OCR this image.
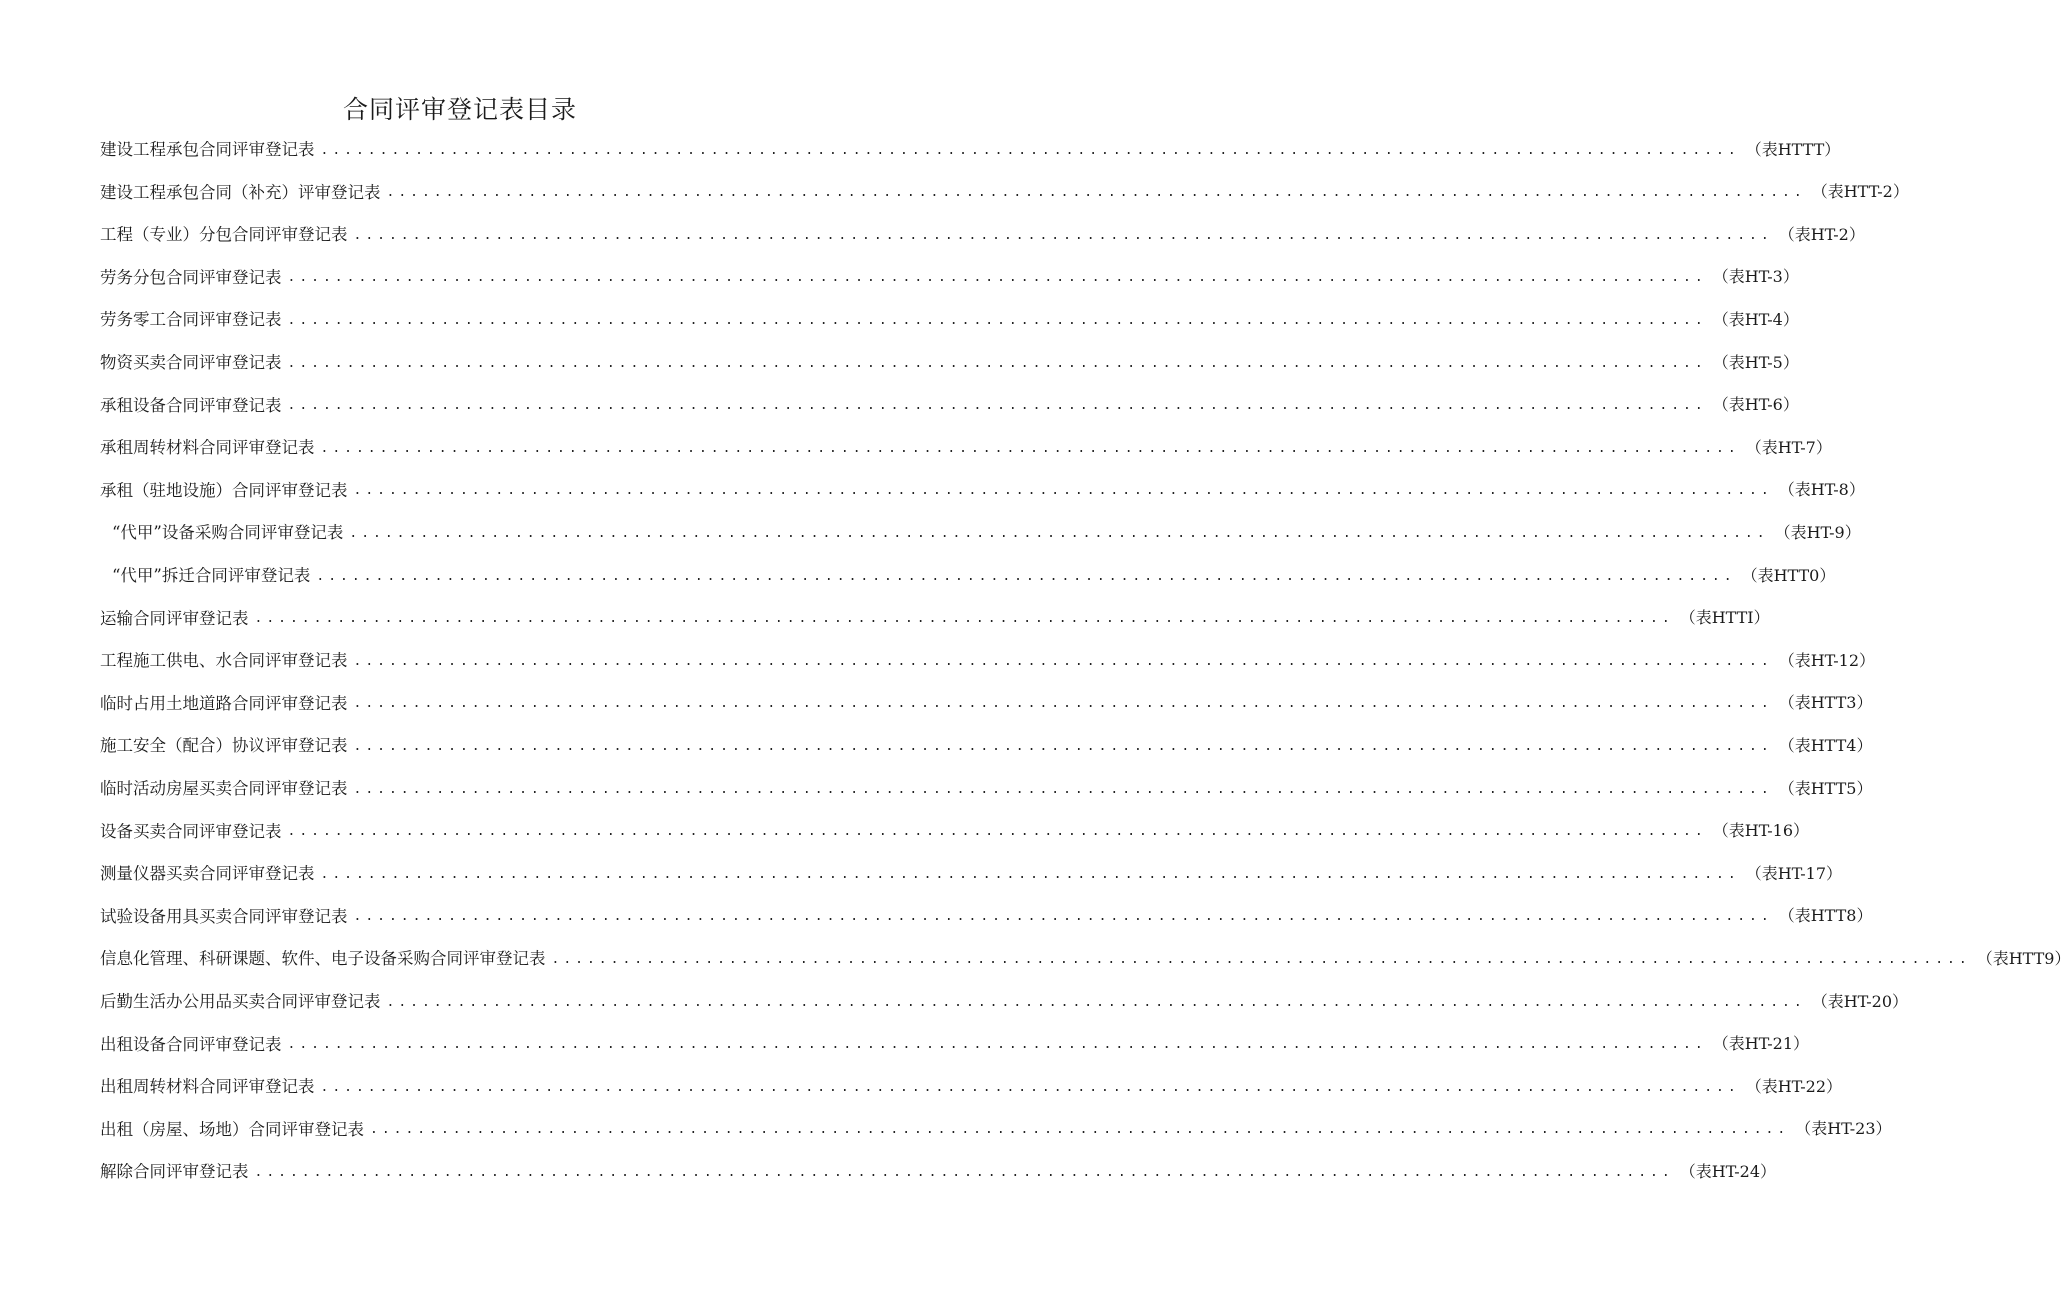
合同评审登记表目录
建设工程承包合同评审登记表 ........................................................................................................................ （表HTTT）
建设工程承包合同（补充）评审登记表 ........................................................................................................................ （表HTT-2）
工程（专业）分包合同评审登记表 ........................................................................................................................ （表HT-2）
劳务分包合同评审登记表 ........................................................................................................................ （表HT-3）
劳务零工合同评审登记表 ........................................................................................................................ （表HT-4）
物资买卖合同评审登记表 ........................................................................................................................ （表HT-5）
承租设备合同评审登记表 ........................................................................................................................ （表HT-6）
承租周转材料合同评审登记表 ........................................................................................................................ （表HT-7）
承租（驻地设施）合同评审登记表 ........................................................................................................................ （表HT-8）
“代甲”设备采购合同评审登记表 ........................................................................................................................ （表HT-9）
“代甲”拆迁合同评审登记表 ........................................................................................................................ （表HTT0）
运输合同评审登记表 ........................................................................................................................ （表HTTI）
工程施工供电、水合同评审登记表 ........................................................................................................................ （表HT-12）
临时占用土地道路合同评审登记表 ........................................................................................................................ （表HTT3）
施工安全（配合）协议评审登记表 ........................................................................................................................ （表HTT4）
临时活动房屋买卖合同评审登记表 ........................................................................................................................ （表HTT5）
设备买卖合同评审登记表 ........................................................................................................................ （表HT-16）
测量仪器买卖合同评审登记表 ........................................................................................................................ （表HT-17）
试验设备用具买卖合同评审登记表 ........................................................................................................................ （表HTT8）
信息化管理、科研课题、软件、电子设备采购合同评审登记表 ........................................................................................................................ （表HTT9）
后勤生活办公用品买卖合同评审登记表 ........................................................................................................................ （表HT-20）
出租设备合同评审登记表 ........................................................................................................................ （表HT-21）
出租周转材料合同评审登记表 ........................................................................................................................ （表HT-22）
出租（房屋、场地）合同评审登记表 ........................................................................................................................ （表HT-23）
解除合同评审登记表 ........................................................................................................................ （表HT-24）
